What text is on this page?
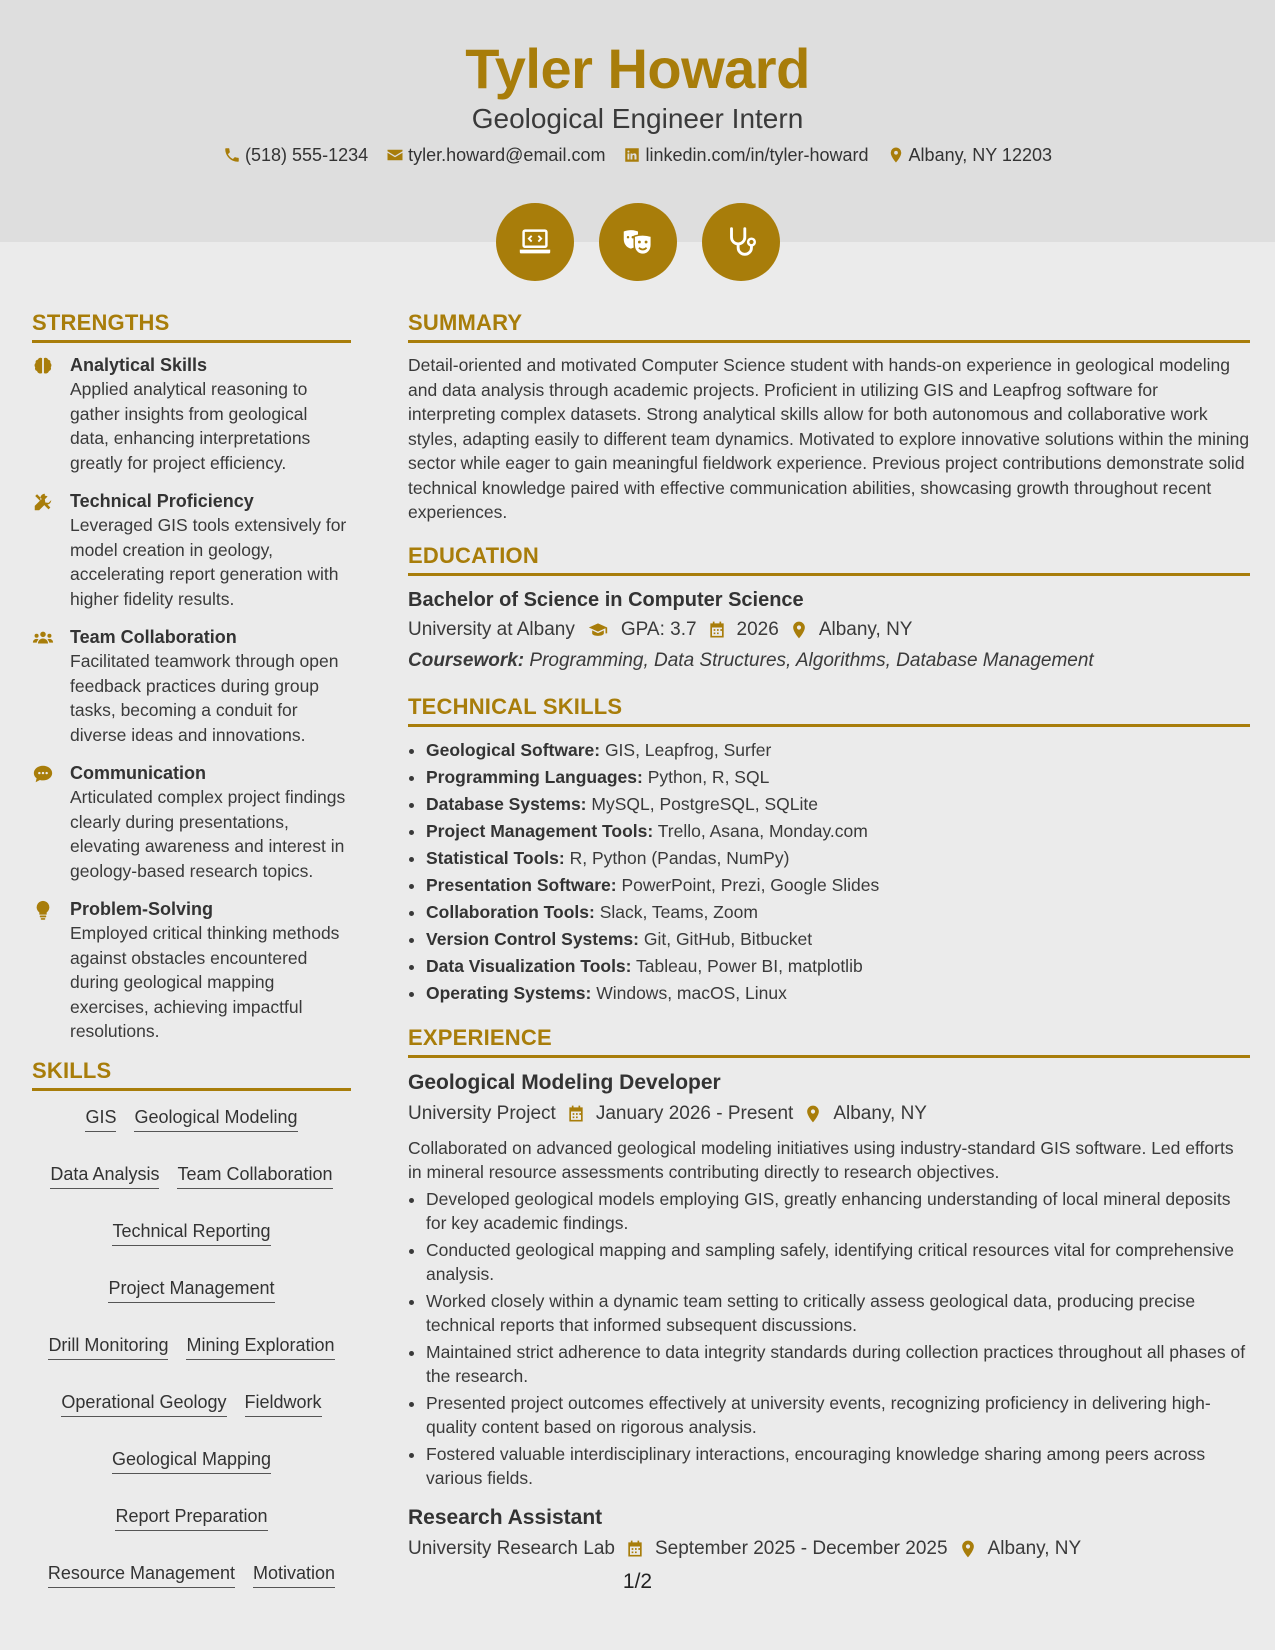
Tyler Howard
Geological Engineer Intern
(518) 555-1234 tyler.howard@email.com linkedin.com/in/tyler-howard Albany, NY 12203
STRENGTHS
Analytical Skills

Applied analytical reasoning to gather insights from geological data, enhancing interpretations greatly for project efficiency.

Technical Proficiency

Leveraged GIS tools extensively for model creation in geology, accelerating report generation with higher fidelity results.

Team Collaboration

Facilitated teamwork through open feedback practices during group tasks, becoming a conduit for diverse ideas and innovations.

Communication

Articulated complex project findings clearly during presentations, elevating awareness and interest in geology-based research topics.

Problem-Solving

Employed critical thinking methods against obstacles encountered during geological mapping exercises, achieving impactful resolutions.

SKILLS
GIS Geological Modeling
Data Analysis Team Collaboration
Technical Reporting
Project Management
Drill Monitoring Mining Exploration
Operational Geology Fieldwork
Geological Mapping
Report Preparation
Resource Management Motivation
SUMMARY

Detail-oriented and motivated Computer Science student with hands-on experience in geological modeling and data analysis through academic projects. Proficient in utilizing GIS and Leapfrog software for interpreting complex datasets. Strong analytical skills allow for both autonomous and collaborative work styles, adapting easily to different team dynamics. Motivated to explore innovative solutions within the mining sector while eager to gain meaningful fieldwork experience. Previous project contributions demonstrate solid technical knowledge paired with effective communication abilities, showcasing growth throughout recent experiences.

EDUCATION
Bachelor of Science in Computer Science
University at Albany GPA: 3.7 2026 Albany, NY
Coursework: Programming, Data Structures, Algorithms, Database Management
TECHNICAL SKILLS
• Geological Software: GIS, Leapfrog, Surfer
• Programming Languages: Python, R, SQL
• Database Systems: MySQL, PostgreSQL, SQLite
• Project Management Tools: Trello, Asana, Monday.com
• Statistical Tools: R, Python (Pandas, NumPy)
• Presentation Software: PowerPoint, Prezi, Google Slides
• Collaboration Tools: Slack, Teams, Zoom
• Version Control Systems: Git, GitHub, Bitbucket
• Data Visualization Tools: Tableau, Power BI, matplotlib
• Operating Systems: Windows, macOS, Linux
EXPERIENCE
Geological Modeling Developer
University Project January 2026 - Present Albany, NY

Collaborated on advanced geological modeling initiatives using industry-standard GIS software. Led efforts in mineral resource assessments contributing directly to research objectives.

• Developed geological models employing GIS, greatly enhancing understanding of local mineral deposits for key academic findings.
• Conducted geological mapping and sampling safely, identifying critical resources vital for comprehensive analysis.
• Worked closely within a dynamic team setting to critically assess geological data, producing precise technical reports that informed subsequent discussions.
• Maintained strict adherence to data integrity standards during collection practices throughout all phases of the research.
• Presented project outcomes effectively at university events, recognizing proficiency in delivering high-quality content based on rigorous analysis.
• Fostered valuable interdisciplinary interactions, encouraging knowledge sharing among peers across various fields.
Research Assistant
University Research Lab September 2025 - December 2025 Albany, NY
1/2
